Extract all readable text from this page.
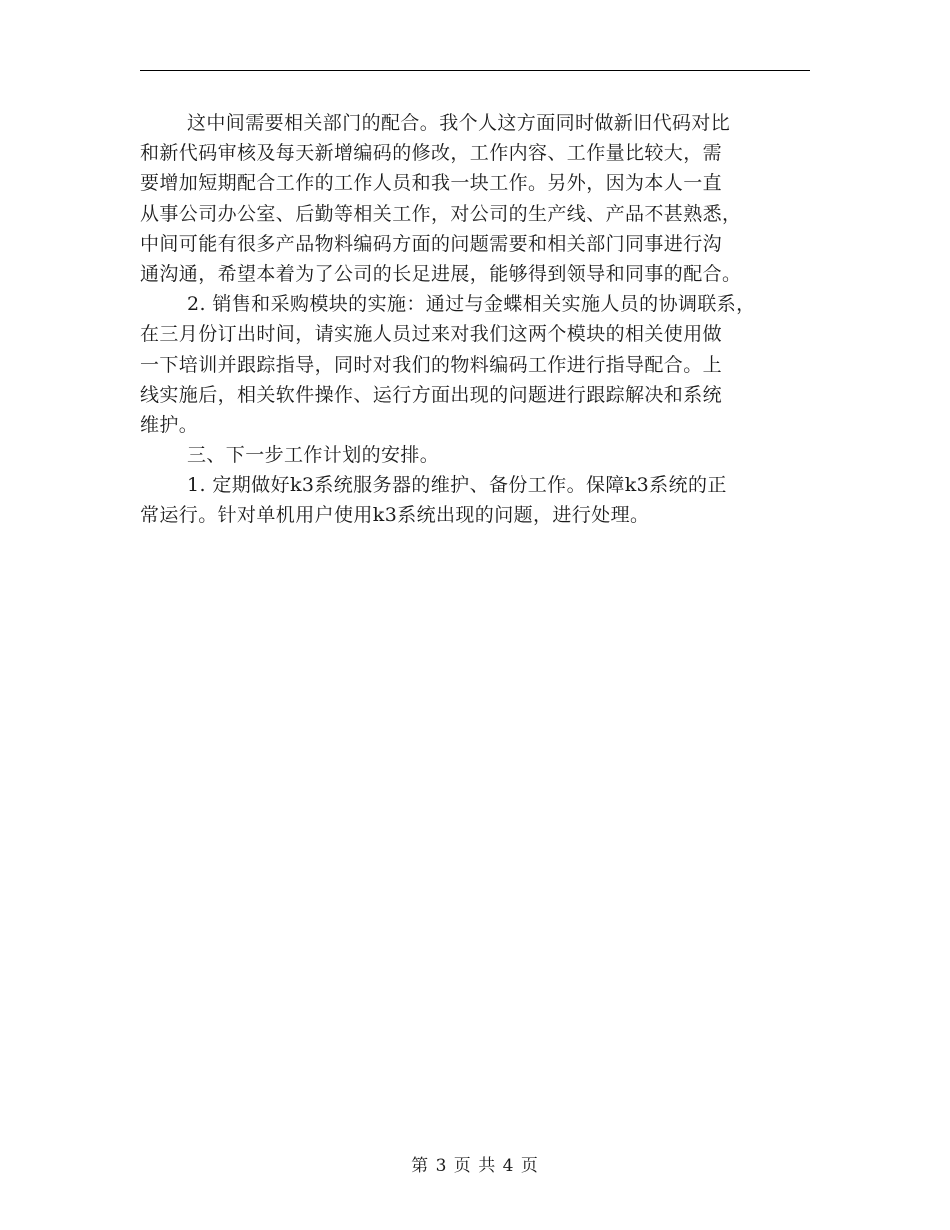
这中间需要相关部门的配合。我个人这方面同时做新旧代码对比
和新代码审核及每天新增编码的修改，工作内容、工作量比较大，需
要增加短期配合工作的工作人员和我一块工作。另外，因为本人一直
从事公司办公室、后勤等相关工作，对公司的生产线、产品不甚熟悉，
中间可能有很多产品物料编码方面的问题需要和相关部门同事进行沟
通沟通，希望本着为了公司的长足进展，能够得到领导和同事的配合。
2. 销售和采购模块的实施：通过与金蝶相关实施人员的协调联系，
在三月份订出时间，请实施人员过来对我们这两个模块的相关使用做
一下培训并跟踪指导，同时对我们的物料编码工作进行指导配合。上
线实施后，相关软件操作、运行方面出现的问题进行跟踪解决和系统
维护。
三、下一步工作计划的安排。
1. 定期做好k3系统服务器的维护、备份工作。保障k3系统的正
常运行。针对单机用户使用k3系统出现的问题，进行处理。
第 3 页 共 4 页
